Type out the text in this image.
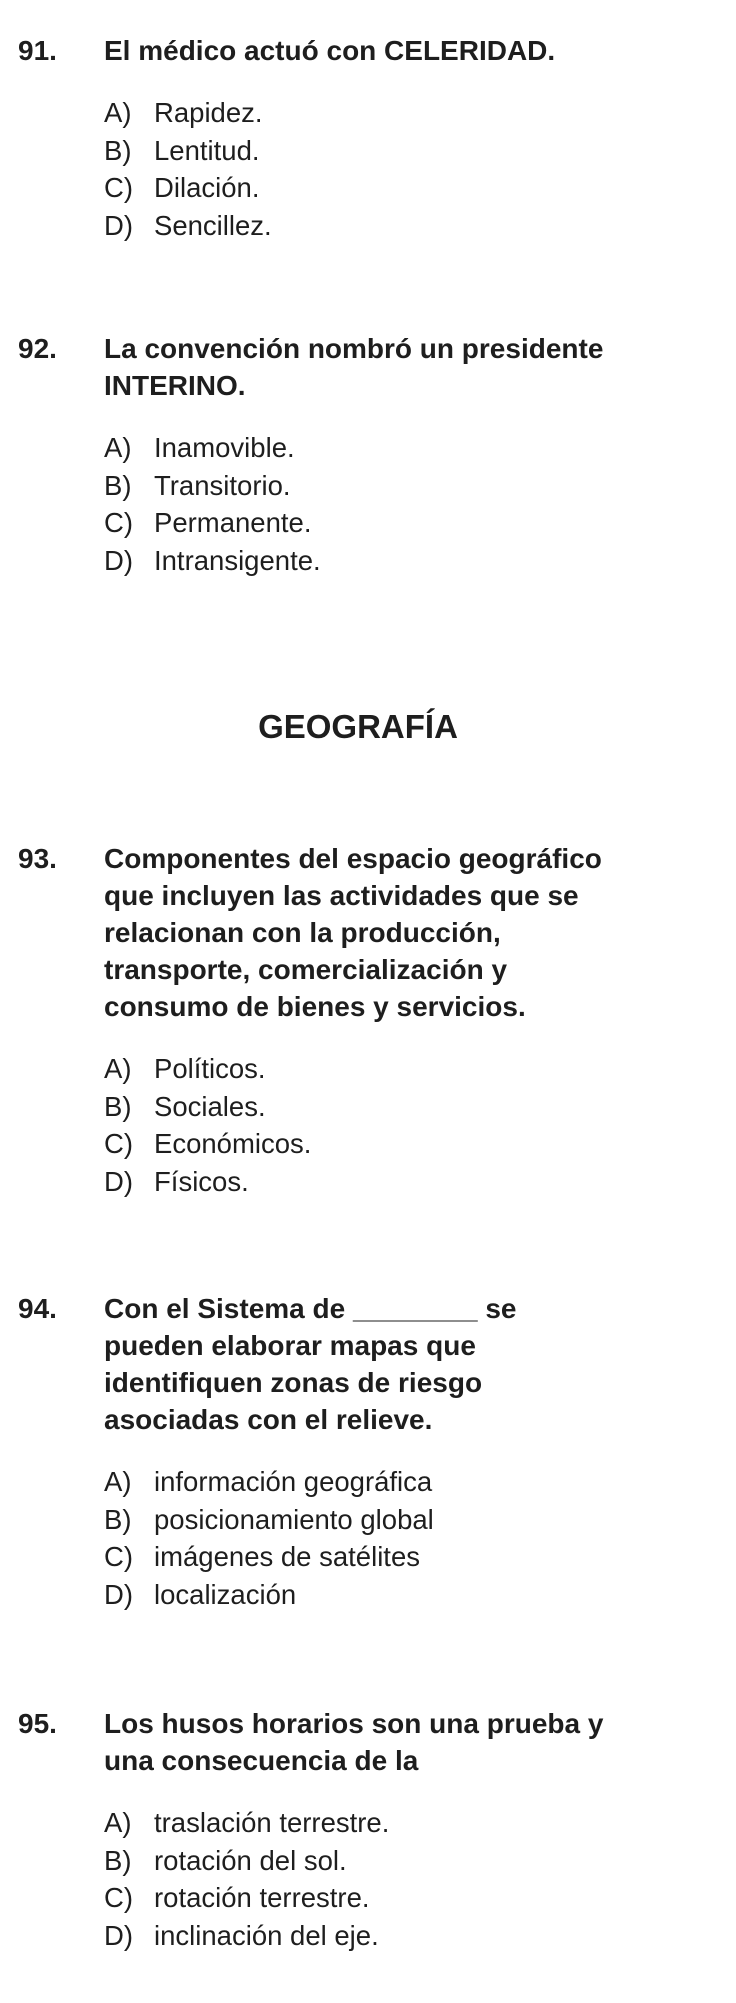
91.	El médico actuó con CELERIDAD.
A) Rapidez.
B) Lentitud.
C) Dilación.
D) Sencillez.
92.	La convención nombró un presidente
INTERINO.
A) Inamovible.
B) Transitorio.
C) Permanente.
D) Intransigente.
GEOGRAFÍA
93.	Componentes del espacio geográfico
que incluyen las actividades que se
relacionan con la producción,
transporte, comercialización y
consumo de bienes y servicios.
A) Políticos.
B) Sociales.
C) Económicos.
D) Físicos.
94.	Con el Sistema de ________ se
pueden elaborar mapas que
identifiquen zonas de riesgo
asociadas con el relieve.
A) información geográfica
B) posicionamiento global
C) imágenes de satélites
D) localización
95.	Los husos horarios son una prueba y
una consecuencia de la
A) traslación terrestre.
B) rotación del sol.
C) rotación terrestre.
D) inclinación del eje.
